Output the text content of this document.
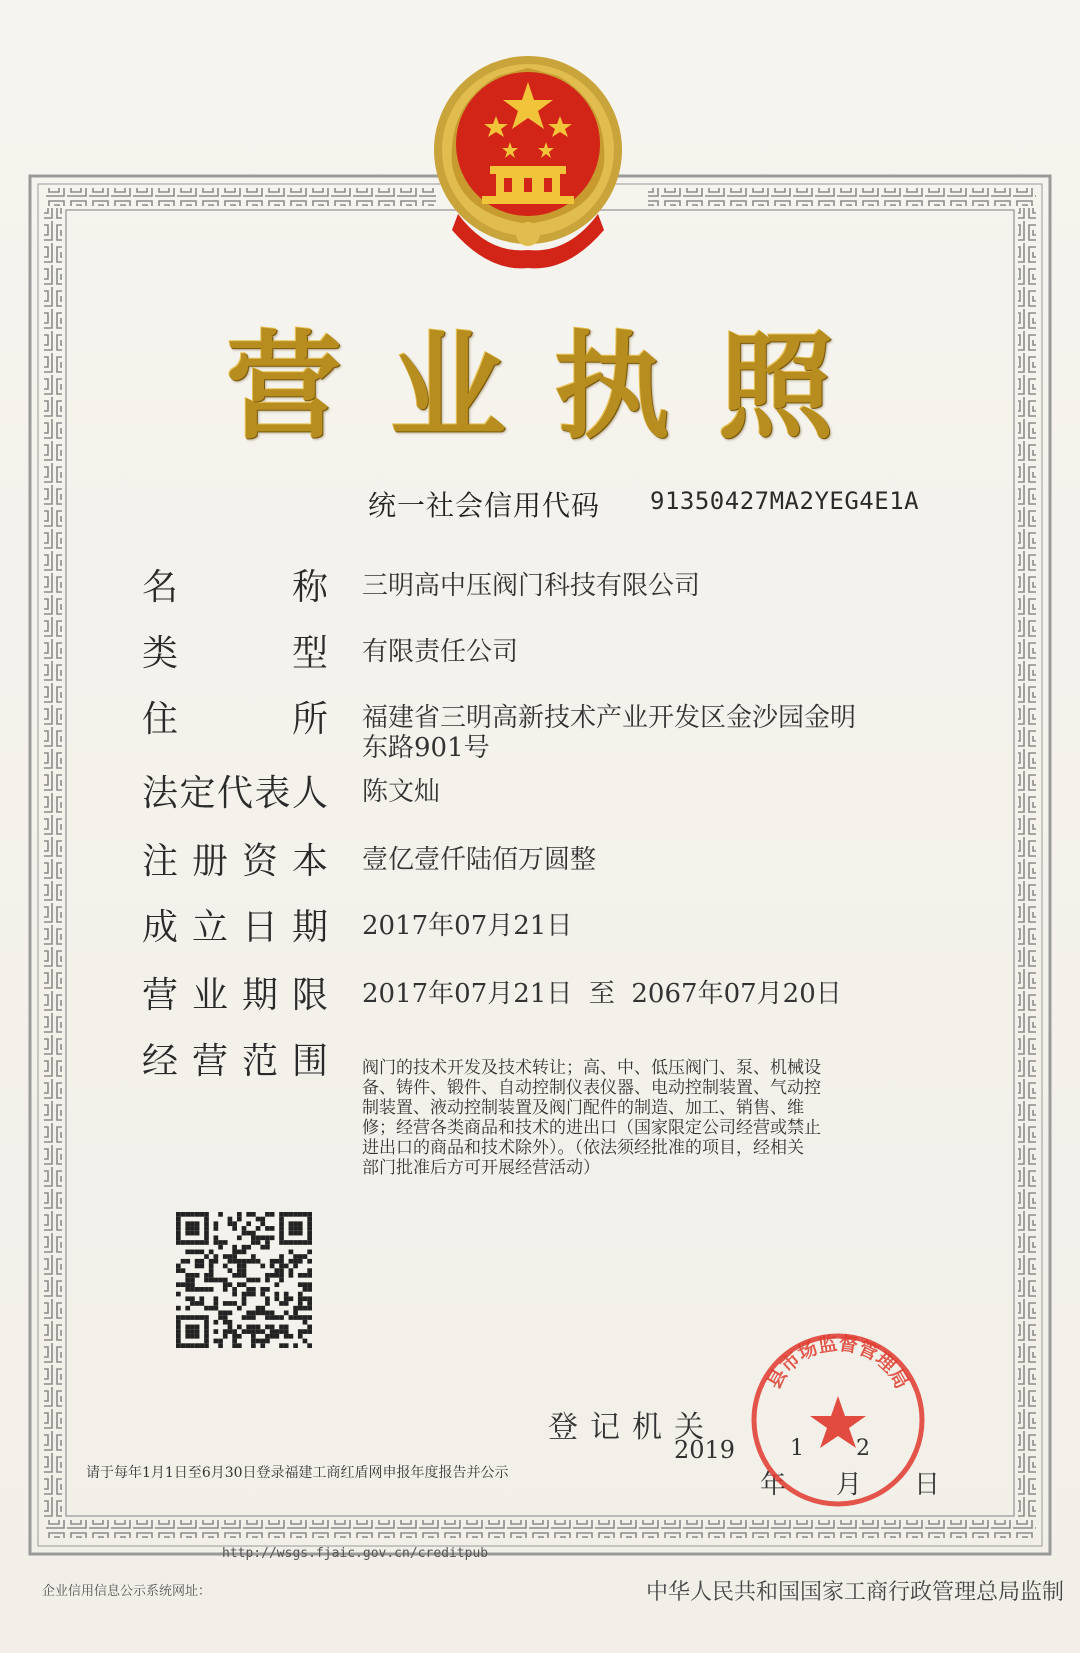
营 业 执 照
统一社会信用代码 91350427MA2YEG4E1A
名	称 三明高中压阀门科技有限公司
类	型 有限责任公司
住	所 福建省三明高新技术产业开发区金沙园金明
东路901号
法 定 代 表 人 陈文灿
注 册 资 本 壹亿壹仟陆佰万圆整
成 立 日 期 2017年07月21日
营 业 期 限 2017年07月21日  至  2067年07月20日
经 营 范 围 阀门的技术开发及技术转让；高、中、低压阀门、泵、机械设
备、铸件、锻件、自动控制仪表仪器、电动控制装置、气动控
制装置、液动控制装置及阀门配件的制造、加工、销售、维
修；经营各类商品和技术的进出口（国家限定公司经营或禁止
进出口的商品和技术除外）。（依法须经批准的项目，经相关
部门批准后方可开展经营活动）
登记机关
2019 1 2
年 月 日
县市场监督管理局
请于每年1月1日至6月30日登录福建工商红盾网申报年度报告并公示
http://wsgs.fjaic.gov.cn/creditpub
企业信用信息公示系统网址：	中华人民共和国国家工商行政管理总局监制
